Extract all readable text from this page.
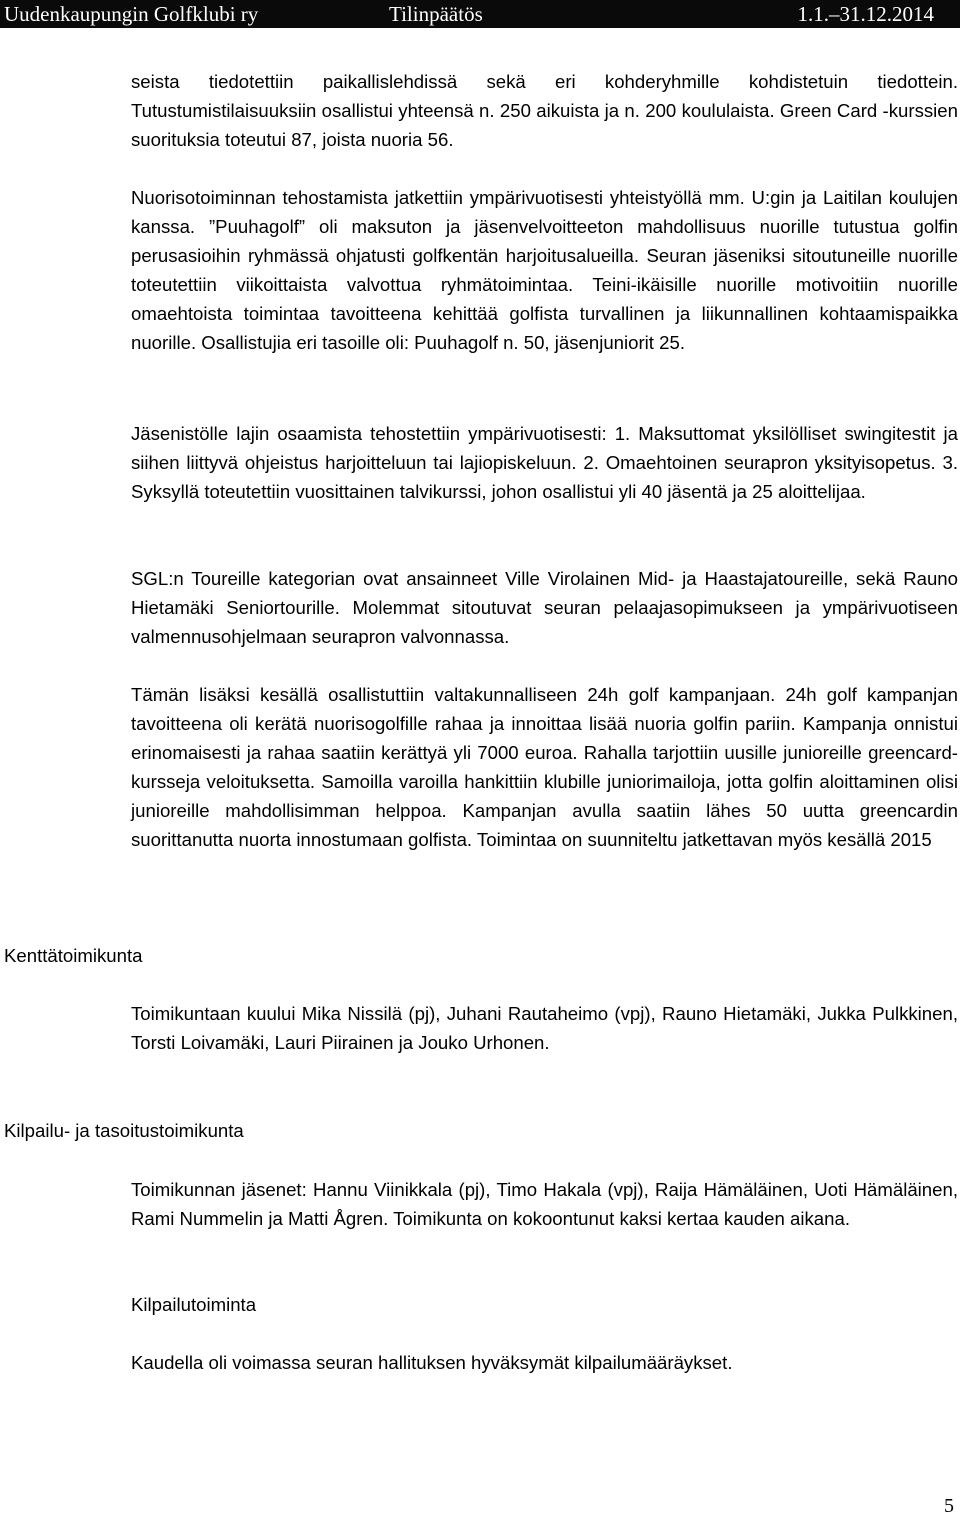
Uudenkaupungin Golfklubi ry	Tilinpäätös	1.1.–31.12.2014

seista tiedotettiin paikallislehdissä sekä eri kohderyhmille kohdistetuin tiedottein. Tutustumistilaisuuksiin osallistui yhteensä n. 250 aikuista ja n. 200 koululaista. Green Card -kurssien suorituksia toteutui 87, joista nuoria 56.

Nuorisotoiminnan tehostamista jatkettiin ympärivuotisesti yhteistyöllä mm. U:gin ja Laitilan koulujen kanssa. ”Puuhagolf” oli maksuton ja jäsenvelvoitteeton mahdollisuus nuorille tutustua golfin perusasioihin ryhmässä ohjatusti golfkentän harjoitusalueilla. Seuran jäseniksi sitoutuneille nuorille toteutettiin viikoittaista valvottua ryhmätoimintaa. Teini-ikäisille nuorille motivoitiin nuorille omaehtoista toimintaa tavoitteena kehittää golfista turvallinen ja liikunnallinen kohtaamispaikka nuorille. Osallistujia eri tasoille oli: Puuhagolf n. 50, jäsenjuniorit 25.

Jäsenistölle lajin osaamista tehostettiin ympärivuotisesti: 1. Maksuttomat yksilölliset swingitestit ja siihen liittyvä ohjeistus harjoitteluun tai lajiopiskeluun. 2. Omaehtoinen seurapron yksityisopetus. 3. Syksyllä toteutettiin vuosittainen talvikurssi, johon osallistui yli 40 jäsentä ja 25 aloittelijaa.

SGL:n Toureille kategorian ovat ansainneet Ville Virolainen Mid- ja Haastajatoureille, sekä Rauno Hietamäki Seniortourille. Molemmat sitoutuvat seuran pelaajasopimukseen ja ympärivuotiseen valmennusohjelmaan seurapron valvonnassa.

Tämän lisäksi kesällä osallistuttiin valtakunnalliseen 24h golf kampanjaan. 24h golf kampanjan tavoitteena oli kerätä nuorisogolfille rahaa ja innoittaa lisää nuoria golfin pariin. Kampanja onnistui erinomaisesti ja rahaa saatiin kerättyä yli 7000 euroa. Rahalla tarjottiin uusille junioreille greencard-kursseja veloituksetta. Samoilla varoilla hankittiin klubille juniorimailoja, jotta golfin aloittaminen olisi junioreille mahdollisimman helppoa. Kampanjan avulla saatiin lähes 50 uutta greencardin suorittanutta nuorta innostumaan golfista. Toimintaa on suunniteltu jatkettavan myös kesällä 2015

Kenttätoimikunta

Toimikuntaan kuului Mika Nissilä (pj), Juhani Rautaheimo (vpj), Rauno Hietamäki, Jukka Pulkkinen, Torsti Loivamäki, Lauri Piirainen ja Jouko Urhonen.

Kilpailu- ja tasoitustoimikunta

Toimikunnan jäsenet: Hannu Viinikkala (pj), Timo Hakala (vpj), Raija Hämäläinen, Uoti Hämäläinen, Rami Nummelin ja Matti Ågren. Toimikunta on kokoontunut kaksi kertaa kauden aikana.

Kilpailutoiminta

Kaudella oli voimassa seuran hallituksen hyväksymät kilpailumääräykset.

5
